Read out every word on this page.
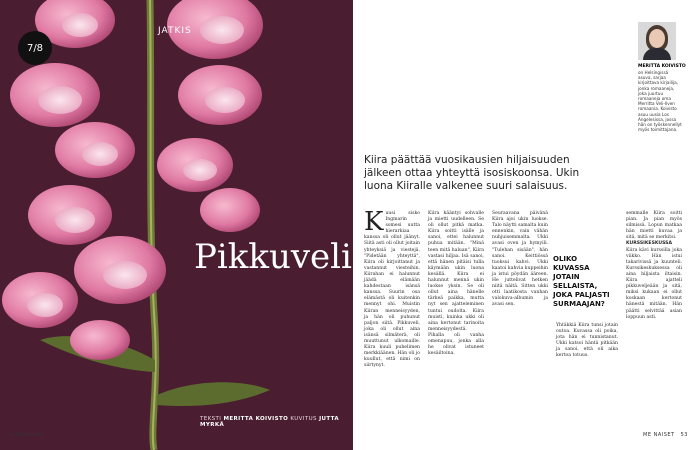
7/8
JATKIS
Pikkuveli
TEKSTI MERITTA KOIVISTO KUVITUS JUTTA MYRKÄ
MERITTA KOIVISTO
on Helsingissä asuva, sarjaa kirjoittava kirjailija, jonka romaaneja, joka juurtuu romaaneja oma Merritta Veli-Ilven romaania. Koivisto asuu uusia Los Angelesissa, jossa hän on työskennellyt myös toimittajana.
Kiira päättää vuosikausien hiljaisuuden jälkeen ottaa yhteyttä isosiskoonsa. Ukin luona Kiiralle valkenee suuri salaisuus.
K uusi sisko Ingmarin somesi uutta hierarkiaa kanssa oli ollut jäänyt. Siitä asti oli ollut joitain yhteyksiä ja viestejä, "Pidetään yhteyttä", Kiira oli kirjoittanut ja vastannut viesteihin. Kiirahan ei halunnut jäädä elämään kahdestaan isänsä kanssa. Suurin osa elämästä oli kuitenkin mennyt ohi. Muistin Kiiran menneisyyden, ja hän oli puhunut paljon siitä. Pikkuveli, joka oli ollut aina isänsä silmäterä, oli muuttunut ulkomaille. Kiira kuuli puhelimen merkkiäänen. Hän oli jo kuullut, että nimi on siirtynyt.
Kiira kääntyi sohvalle ja mietti uudelleen. Se oli ollut pitkä matka. Kiira soitti isälle ja sanoi, ettei halunnut puhua mitään. "Minä teen mitä haluan", Kiira vastasi hiljaa. Isä sanoi, että hänen pitäisi tulla käymään ukin luona kesällä. Kiira ei halunnut mennä ukin luokse yksin. Se oli ollut aina hänelle tärkeä paikka, mutta nyt sen ajatteleminen tuntui oudolta. Kiira muisti, kuinka ukki oli aina kertonut tarinoita menneisyydestä. Pihalla oli vanha omenapuu, jonka alla he olivat istuneet kesäiltoina.
Seuraavana päivänä Kiira ajoi ukin luokse. Talo näytti samalta kuin ennenkin, vain vähän nuhjuisemmalta. Ukki avasi oven ja hymyili. "Tulehan sisään", hän sanoi. Keittiössä tuoksui kahvi. Ukki kaatoi kahvia kuppeihin ja istui pöydän ääreen. He juttelivat hetken niitä näitä. Sitten ukki otti laatikosta vanhan valokuva-albumin ja avasi sen.
Yhtäkkiä Kiira tunsi jotain outoa. Kuvassa oli poika, jota hän ei tunnistanut. Ukki katsoi häntä pitkään ja sanoi, että oli aika kertoa totuus.
semmalle Kiira soitti pian. Ja pian myös silmissä. Lopun matkaa hän mietti kuvaa ja sitä, mitä se merkitsi.
KURSSIKESKUSSA Kiira kävi kurssilla joka viikko. Hän istui takarivissä ja kuunteli. Kurssikeskuksessa oli aina hiljaista iltaisin. Kiira ajatteli pikkuveljeään ja sitä, miksi kukaan ei ollut koskaan kertonut hänestä mitään. Hän päätti selvittää asian loppuun asti.
OLIKO KUVASSA JOTAIN SELLAISTA, JOKA PALJASTI SURMAAJAN?
ME NAISET 53
is-firmanvuot
